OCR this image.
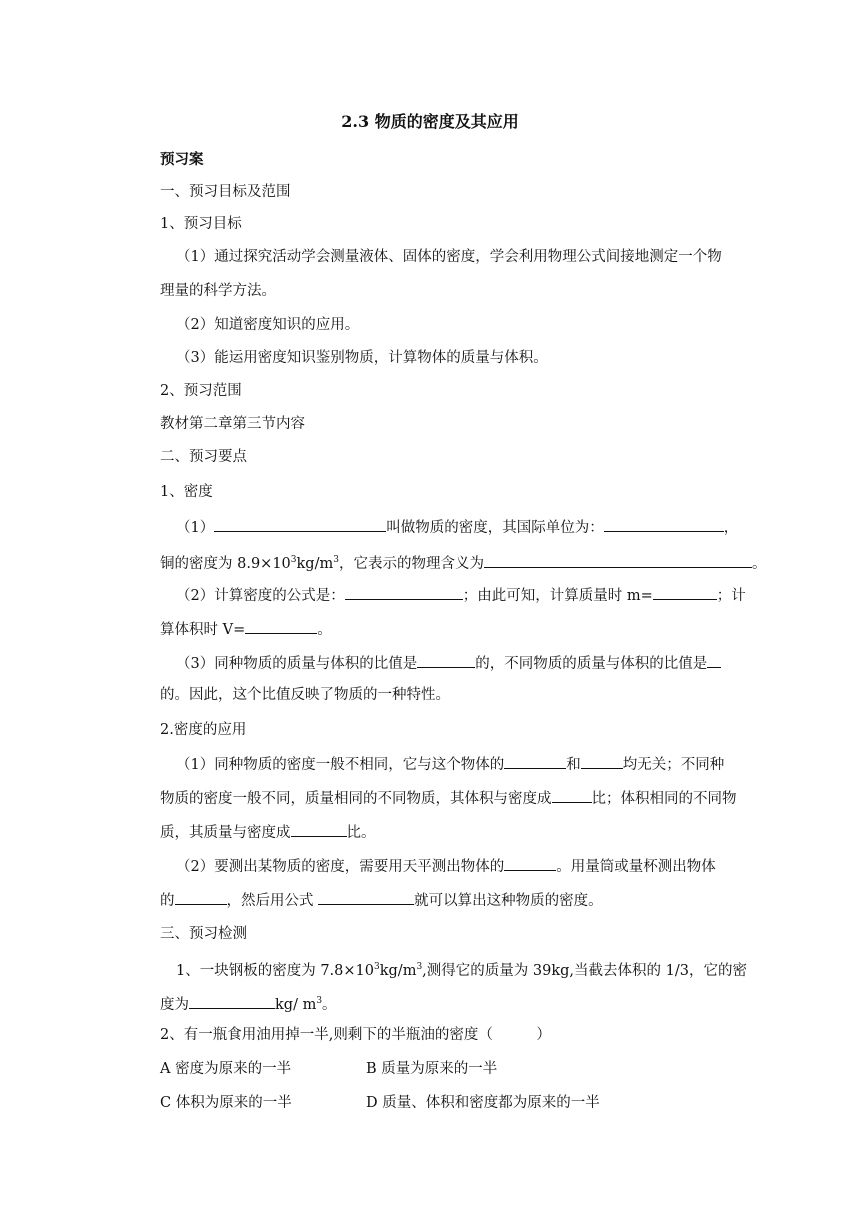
2.3 物质的密度及其应用
预习案
一、预习目标及范围
1、预习目标
（1）通过探究活动学会测量液体、固体的密度，学会利用物理公式间接地测定一个物
理量的科学方法。
（2）知道密度知识的应用。
（3）能运用密度知识鉴别物质，计算物体的质量与体积。
2、预习范围
教材第二章第三节内容
二、预习要点
1、密度
（1）	叫做物质的密度，其国际单位为：	，
铜的密度为 $8.9\times 10^3kg/m^3$，它表示的物理含义为	。
（2）计算密度的公式是：	；由此可知，计算质量时 m=	；计
算体积时 V=	。
（3）同种物质的质量与体积的比值是	的，不同物质的质量与体积的比值是
的。因此，这个比值反映了物质的一种特性。
2.密度的应用
（1）同种物质的密度一般不相同，它与这个物体的	和	均无关；不同种
物质的密度一般不同，质量相同的不同物质，其体积与密度成	比；体积相同的不同物
质，其质量与密度成	比。
（2）要测出某物质的密度，需要用天平测出物体的	。用量筒或量杯测出物体
的	，然后用公式	就可以算出这种物质的密度。
三、预习检测
1、一块钢板的密度为 $7.8\times 10^3kg/m^3$,测得它的质量为 39kg,当截去体积的 1/3，它的密
度为	kg/ $m^3$。
2、有一瓶食用油用掉一半,则剩下的半瓶油的密度（　　　）
A 密度为原来的一半	B 质量为原来的一半
C 体积为原来的一半	D 质量、体积和密度都为原来的一半
